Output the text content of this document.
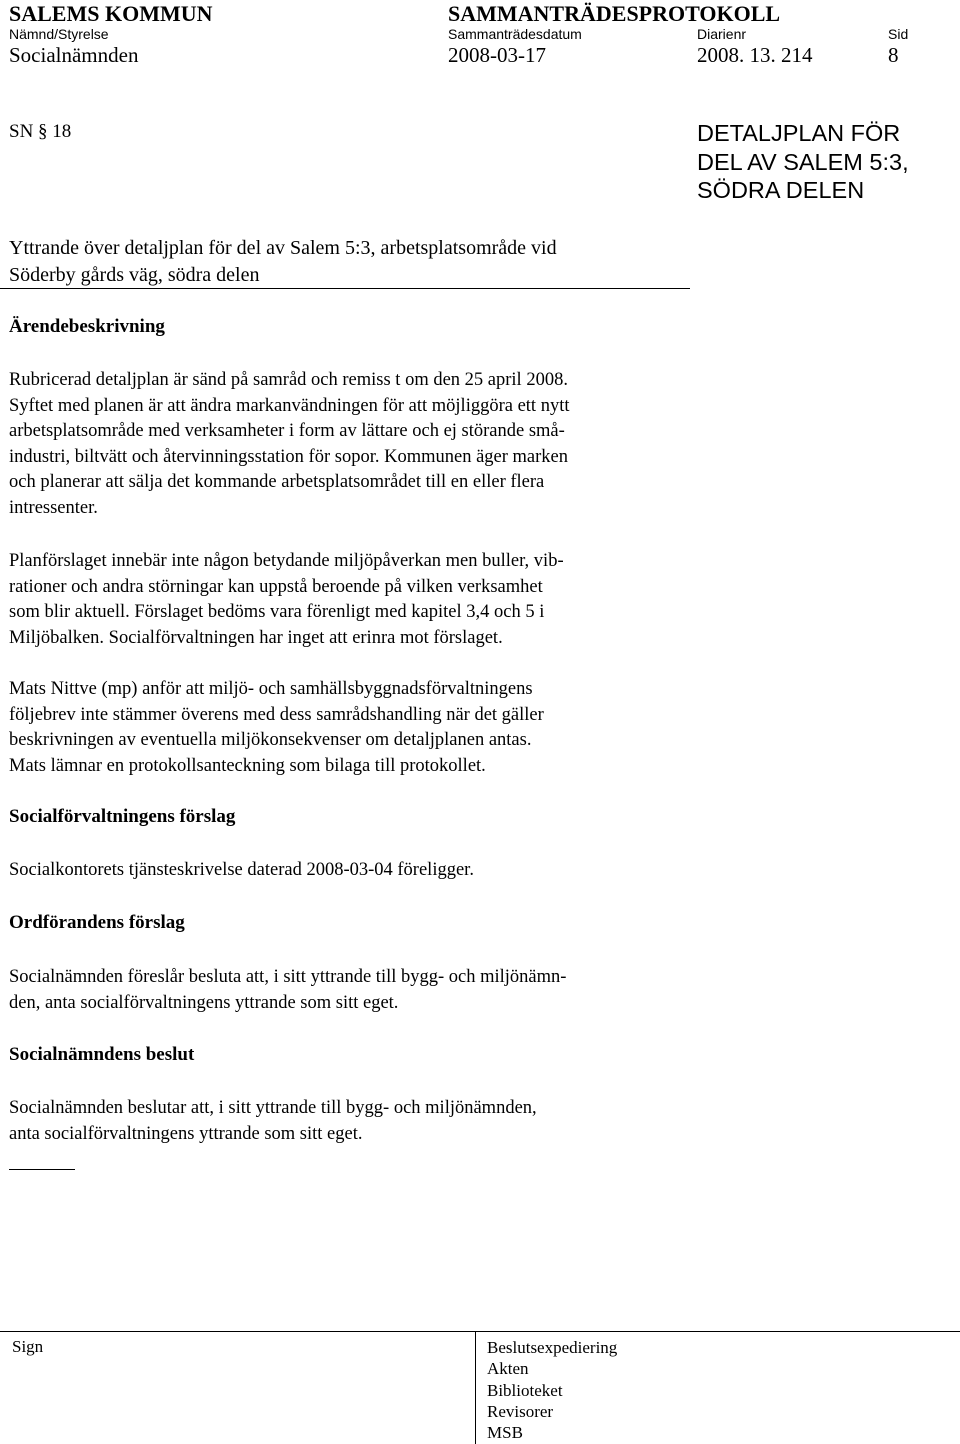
SALEMS KOMMUN	SAMMANTRÄDESPROTOKOLL
Nämnd/Styrelse	Sammanträdesdatum	Diarienr	Sid
Socialnämnden	2008-03-17	2008. 13. 214	8
SN § 18	DETALJPLAN FÖR
DEL AV SALEM 5:3,
SÖDRA DELEN
Yttrande över detaljplan för del av Salem 5:3, arbetsplatsområde vid
Söderby gårds väg, södra delen
Ärendebeskrivning

Rubricerad detaljplan är sänd på samråd och remiss t om den 25 april 2008.
Syftet med planen är att ändra markanvändningen för att möjliggöra ett nytt
arbetsplatsområde med verksamheter i form av lättare och ej störande små-
industri, biltvätt och återvinningsstation för sopor. Kommunen äger marken
och planerar att sälja det kommande arbetsplatsområdet till en eller flera
intressenter.

Planförslaget innebär inte någon betydande miljöpåverkan men buller, vib-
rationer och andra störningar kan uppstå beroende på vilken verksamhet
som blir aktuell. Förslaget bedöms vara förenligt med kapitel 3,4 och 5 i
Miljöbalken. Socialförvaltningen har inget att erinra mot förslaget.

Mats Nittve (mp) anför att miljö- och samhällsbyggnadsförvaltningens
följebrev inte stämmer överens med dess samrådshandling när det gäller
beskrivningen av eventuella miljökonsekvenser om detaljplanen antas.
Mats lämnar en protokollsanteckning som bilaga till protokollet.

Socialförvaltningens förslag

Socialkontorets tjänsteskrivelse daterad 2008-03-04 föreligger.

Ordförandens förslag

Socialnämnden föreslår besluta att, i sitt yttrande till bygg- och miljönämn-
den, anta socialförvaltningens yttrande som sitt eget.

Socialnämndens beslut

Socialnämnden beslutar att, i sitt yttrande till bygg- och miljönämnden,
anta socialförvaltningens yttrande som sitt eget.

Sign	Beslutsexpediering
Akten
Biblioteket
Revisorer
MSB
